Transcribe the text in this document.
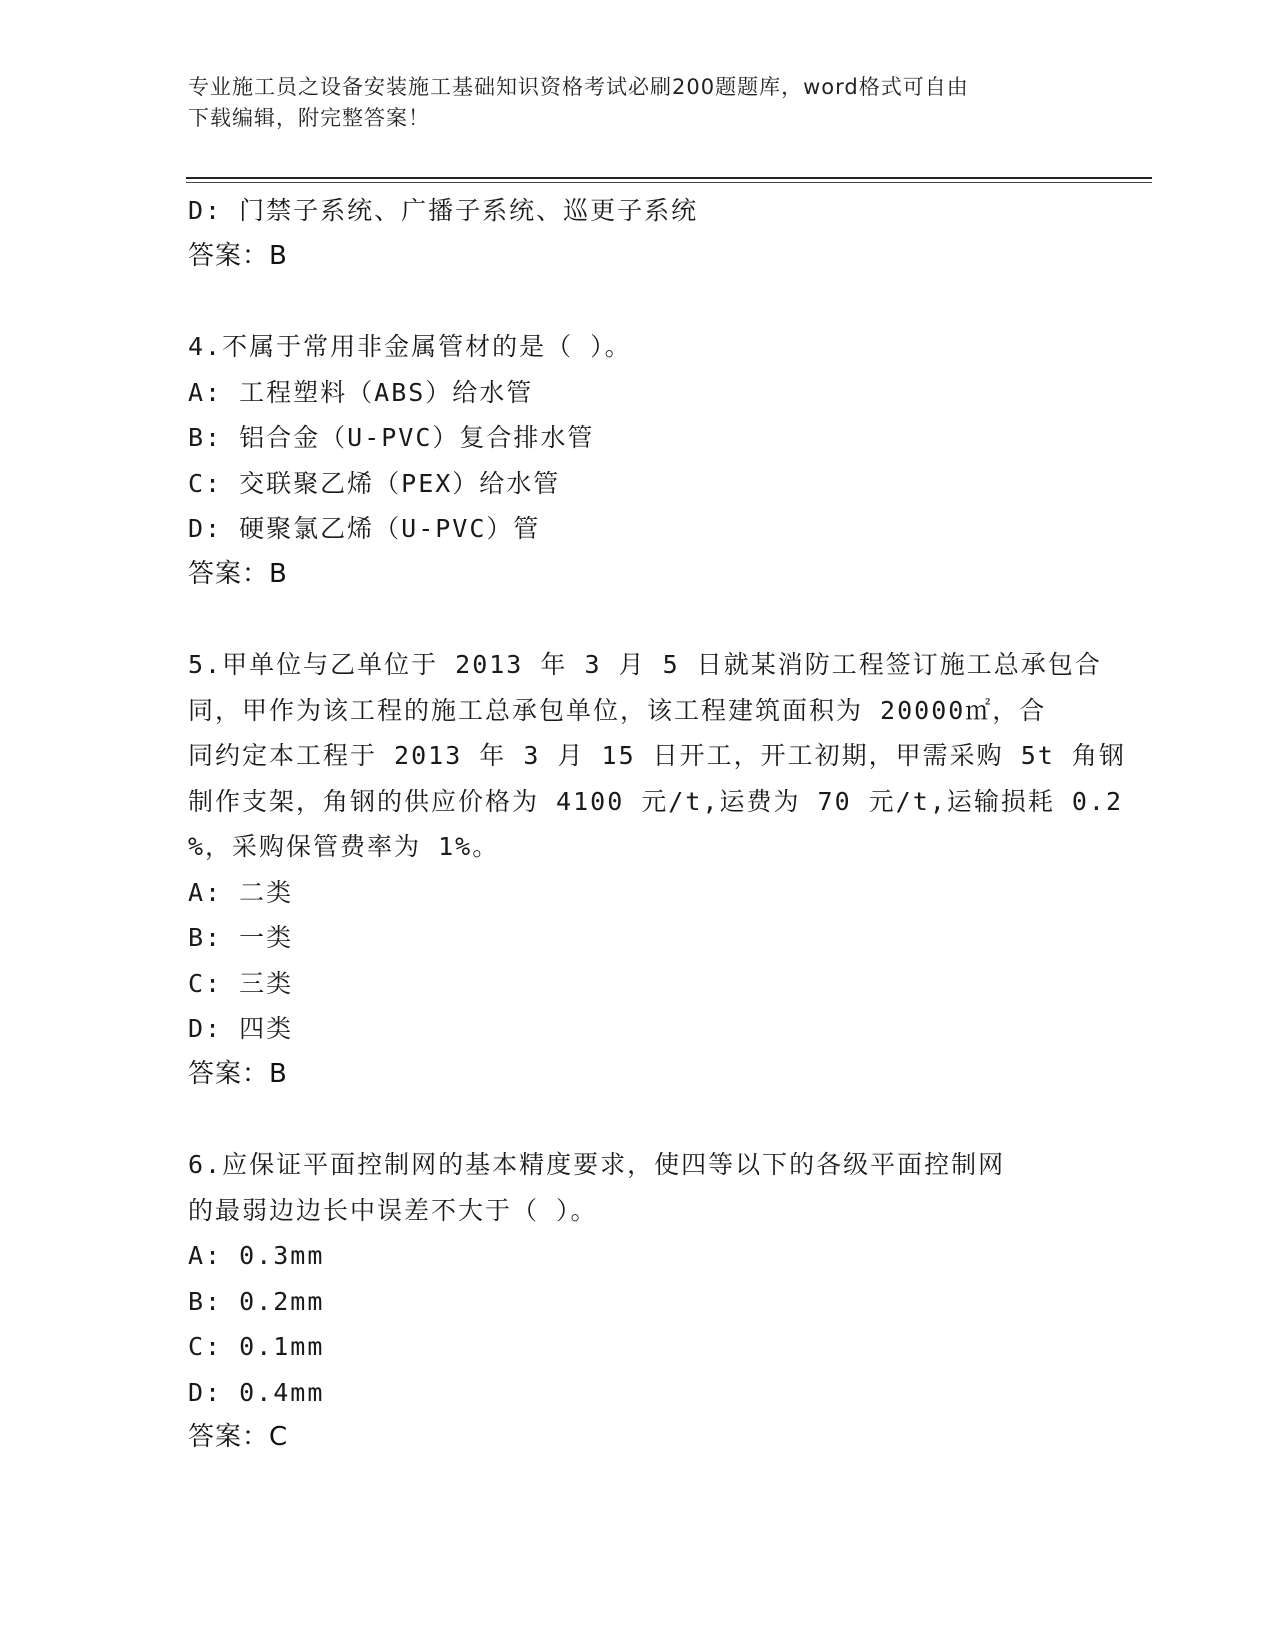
专业施工员之设备安装施工基础知识资格考试必刷200题题库，word格式可自由
下载编辑，附完整答案！
D: 门禁子系统、广播子系统、巡更子系统
答案：B
4.不属于常用非金属管材的是（ ）。
A: 工程塑料（ABS）给水管
B: 铝合金（U-PVC）复合排水管
C: 交联聚乙烯（PEX）给水管
D: 硬聚氯乙烯（U-PVC）管
答案：B
5.甲单位与乙单位于 2013 年 3 月 5 日就某消防工程签订施工总承包合
同，甲作为该工程的施工总承包单位，该工程建筑面积为 20000㎡，合
同约定本工程于 2013 年 3 月 15 日开工，开工初期，甲需采购 5t 角钢
制作支架，角钢的供应价格为 4100 元/t,运费为 70 元/t,运输损耗 0.2
%，采购保管费率为 1%。
A: 二类
B: 一类
C: 三类
D: 四类
答案：B
6.应保证平面控制网的基本精度要求，使四等以下的各级平面控制网
的最弱边边长中误差不大于（ ）。
A: 0.3mm
B: 0.2mm
C: 0.1mm
D: 0.4mm
答案：C
